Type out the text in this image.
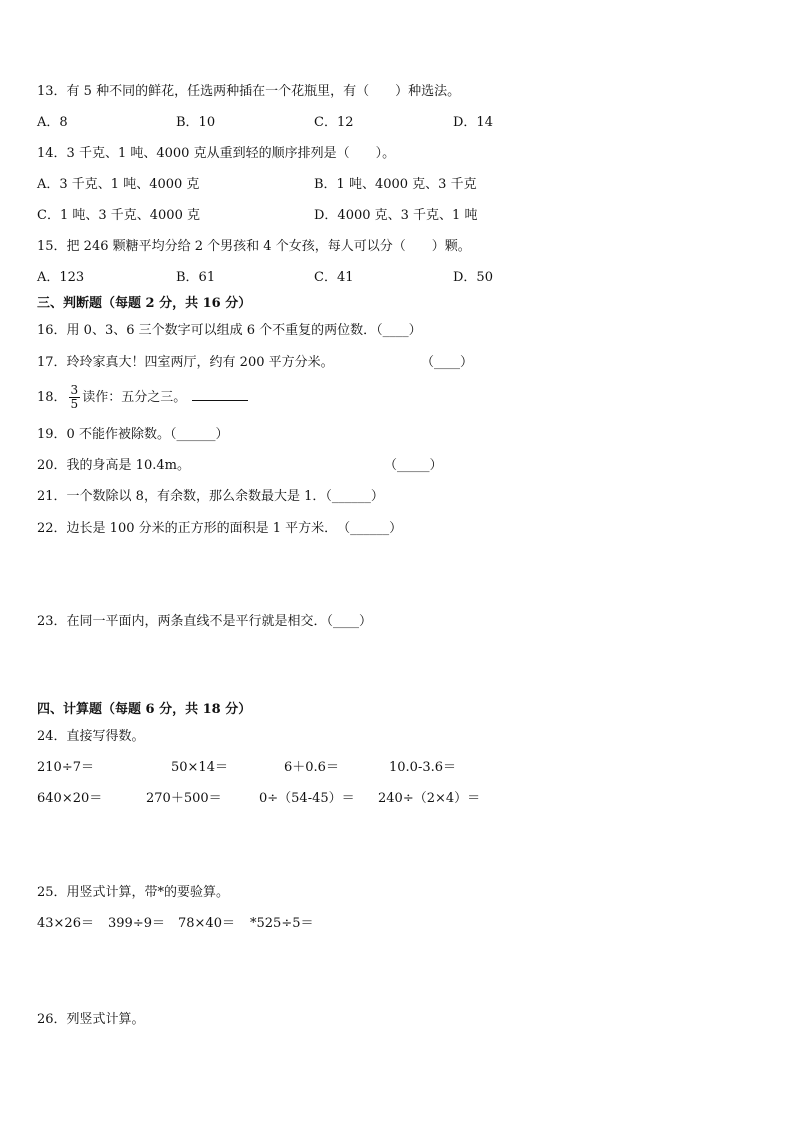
13．有 5 种不同的鲜花，任选两种插在一个花瓶里，有（　　）种选法。
A．8	B．10	C．12	D．14
14．3 千克、1 吨、4000 克从重到轻的顺序排列是（　　）。
A．3 千克、1 吨、4000 克	B．1 吨、4000 克、3 千克
C．1 吨、3 千克、4000 克	D．4000 克、3 千克、1 吨
15．把 246 颗糖平均分给 2 个男孩和 4 个女孩，每人可以分（　　）颗。
A．123	B．61	C．41	D．50
三、判断题（每题 2 分，共 16 分）
16．用 0、3、6 三个数字可以组成 6 个不重复的两位数．（____）
17．玲玲家真大！四室两厅，约有 200 平方分米。	（____）
18． $\frac{3}{5}$ 读作：五分之三。
19．0 不能作被除数。（______）
20．我的身高是 10.4m。	（_____）
21．一个数除以 8，有余数，那么余数最大是 1．（______）
22．边长是 100 分米的正方形的面积是 1 平方米．　（______）
23．在同一平面内，两条直线不是平行就是相交．（____）
四、计算题（每题 6 分，共 18 分）
24．直接写得数。
210÷7＝	50×14＝	6＋0.6＝	10.0-3.6＝
640×20＝	270＋500＝	0÷（54-45）＝ 240÷（2×4）＝
25．用竖式计算，带*的要验算。
43×26＝ 399÷9＝ 78×40＝ *525÷5＝
26．列竖式计算。
